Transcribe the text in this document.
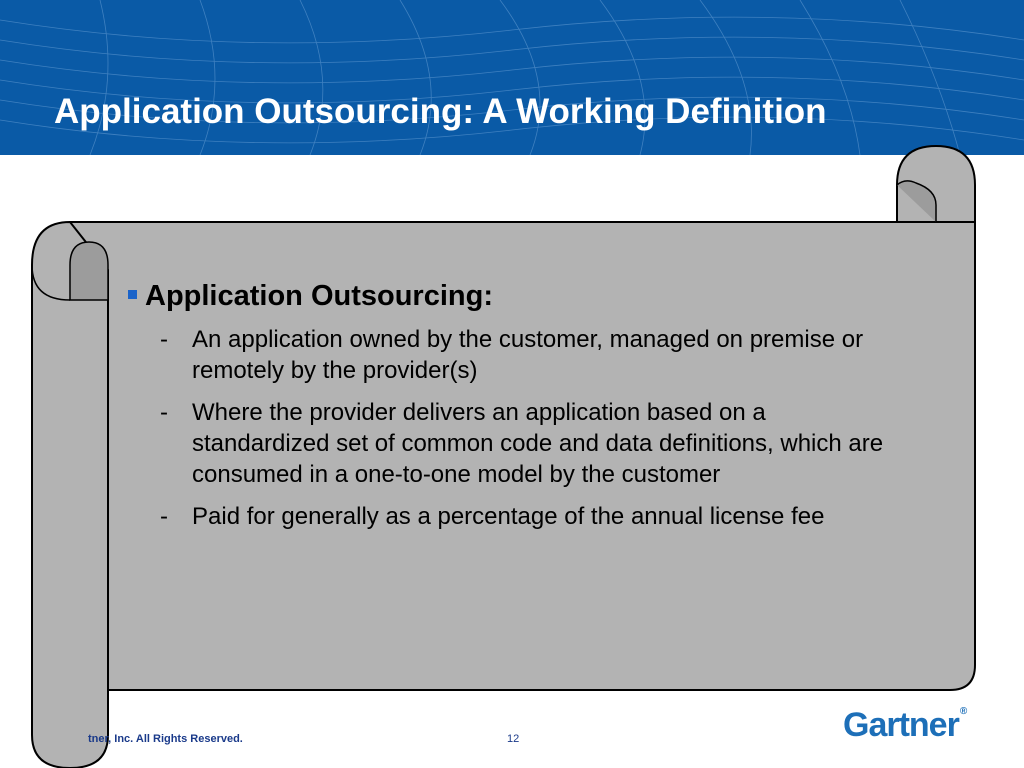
Application Outsourcing: A Working Definition
Application Outsourcing:
-	An application owned by the customer, managed on premise or remotely by the provider(s)
-	Where the provider delivers an application based on a standardized set of common code and data definitions, which are consumed in a one-to-one model by the customer
-	Paid for generally as a percentage of the annual license fee
tner, Inc. All Rights Reserved.	12	Gartner®
